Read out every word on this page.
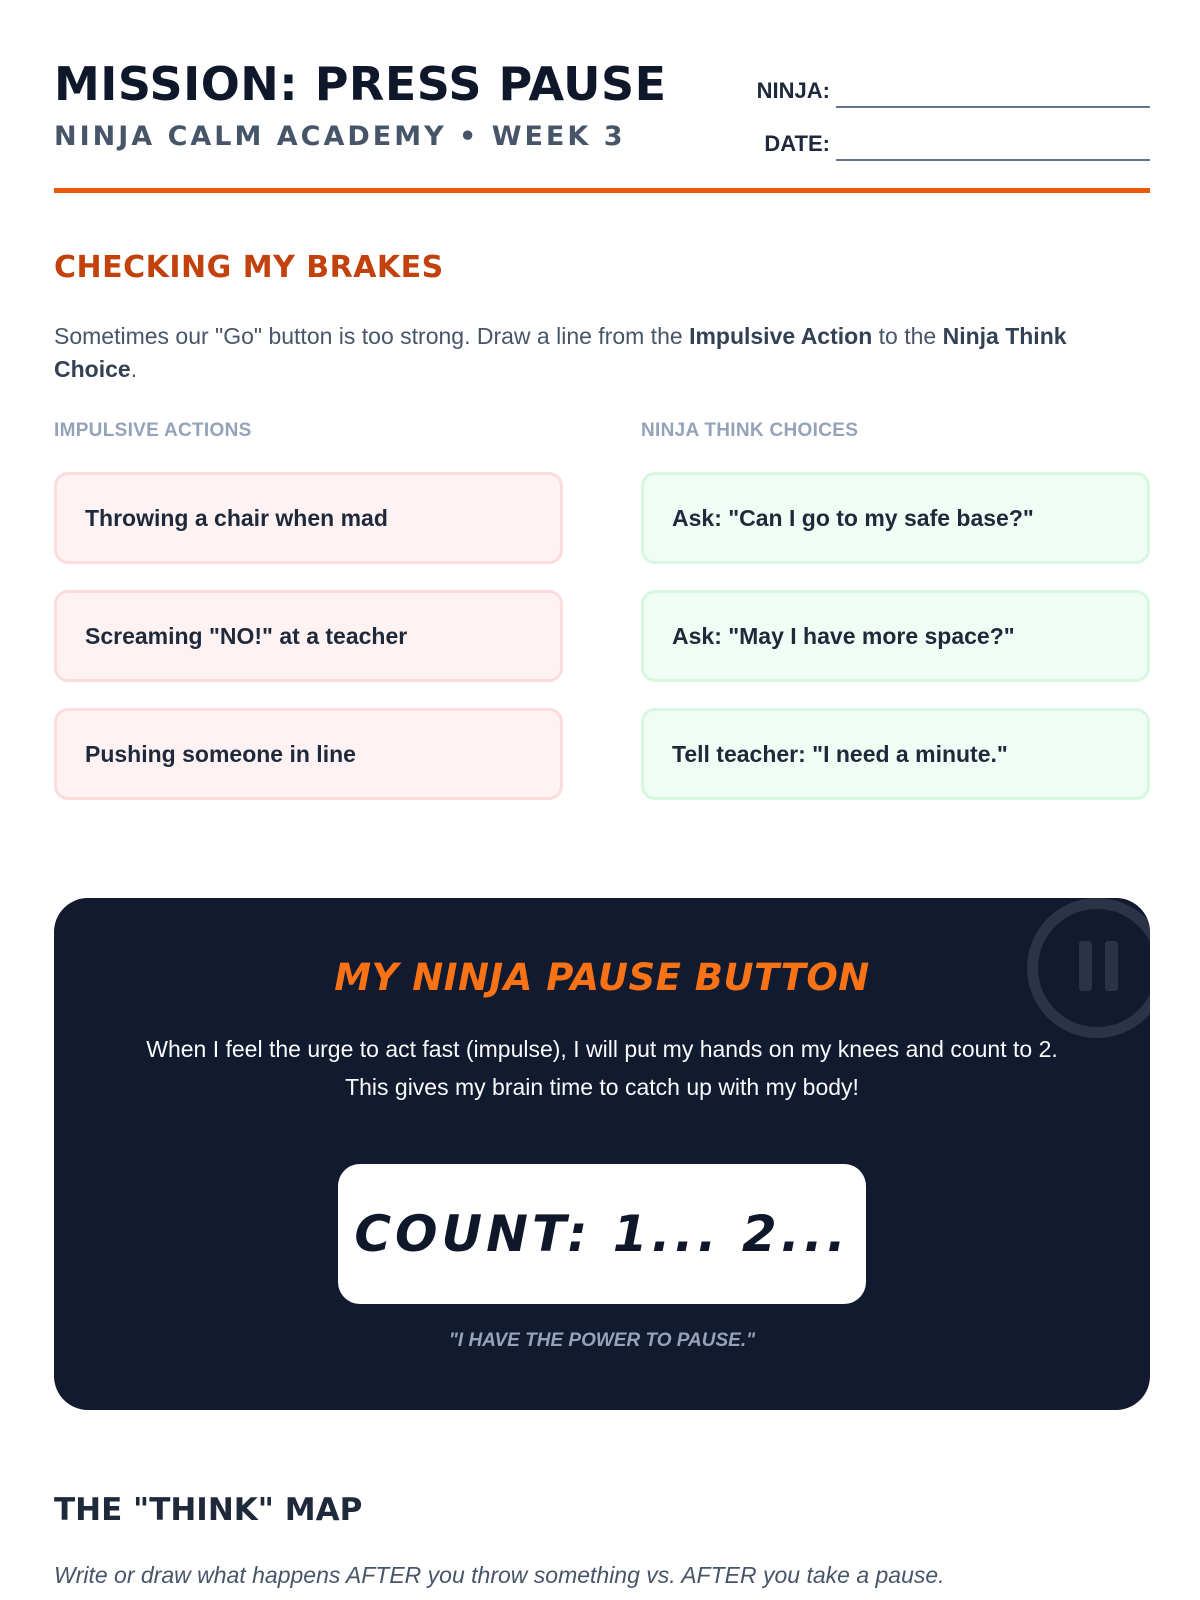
MISSION: PRESS PAUSE
NINJA CALM ACADEMY • WEEK 3
NINJA:
DATE:
CHECKING MY BRAKES

Sometimes our "Go" button is too strong. Draw a line from the Impulsive Action to the Ninja Think Choice.

IMPULSIVE ACTIONS	NINJA THINK CHOICES
Throwing a chair when mad
Screaming "NO!" at a teacher
Pushing someone in line
Ask: "Can I go to my safe base?"
Ask: "May I have more space?"
Tell teacher: "I need a minute."
MY NINJA PAUSE BUTTON
When I feel the urge to act fast (impulse), I will put my hands on my knees and count to 2.
This gives my brain time to catch up with my body!
COUNT: 1... 2...
"I HAVE THE POWER TO PAUSE."
THE "THINK" MAP
Write or draw what happens AFTER you throw something vs. AFTER you take a pause.
